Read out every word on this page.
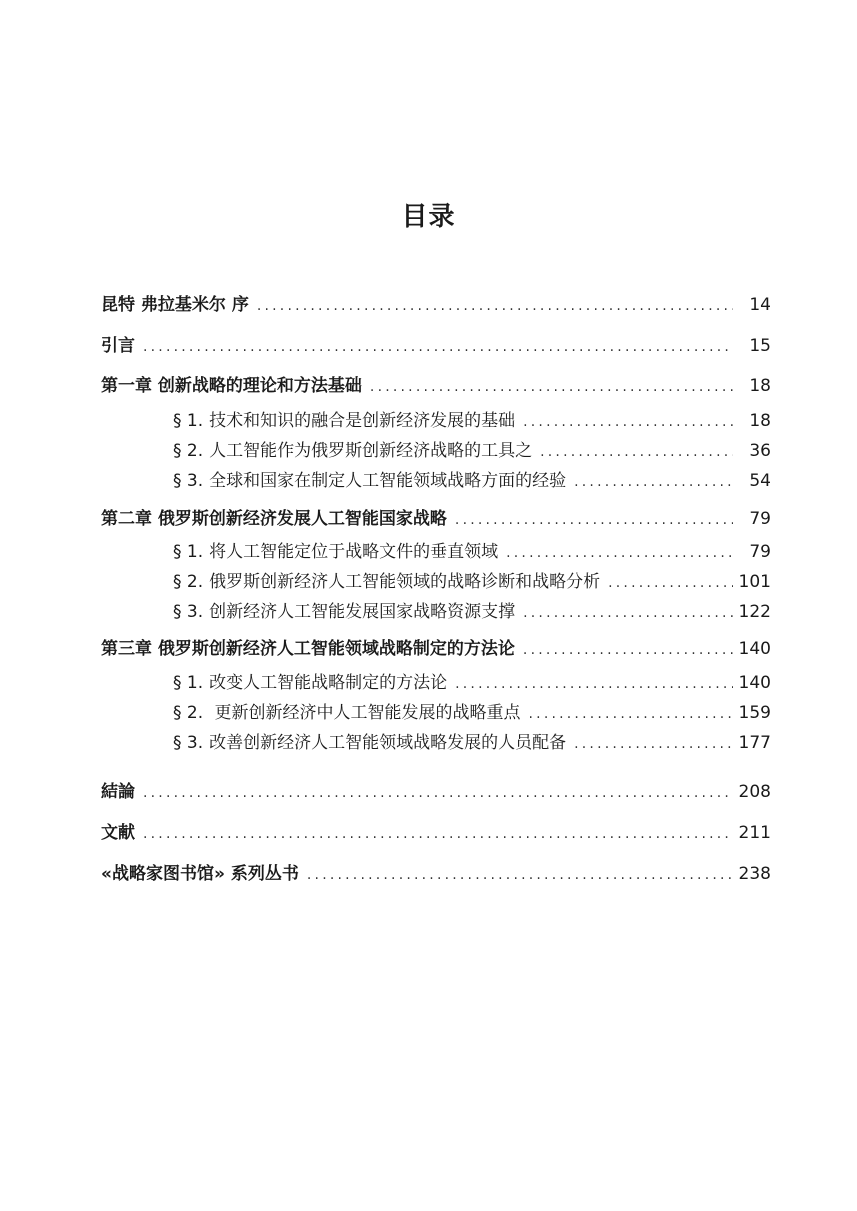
目录
昆特 弗拉基米尔 序 .....	14
引言 .....	15
第一章 创新战略的理论和方法基础 .....	18
§ 1. 技术和知识的融合是创新经济发展的基础 .....	18
§ 2. 人工智能作为俄罗斯创新经济战略的工具之 .....	36
§ 3. 全球和国家在制定人工智能领域战略方面的经验 .....	54
第二章 俄罗斯创新经济发展人工智能国家战略 .....	79
§ 1. 将人工智能定位于战略文件的垂直领域 .....	79
§ 2. 俄罗斯创新经济人工智能领域的战略诊断和战略分析 .....	101
§ 3. 创新经济人工智能发展国家战略资源支撑 .....	122
第三章 俄罗斯创新经济人工智能领域战略制定的方法论 .....	140
§ 1. 改变人工智能战略制定的方法论 .....	140
§ 2. 更新创新经济中人工智能发展的战略重点 .....	159
§ 3. 改善创新经济人工智能领域战略发展的人员配备 .....	177
結論 .....	208
文献 .....	211
«战略家图书馆» 系列丛书 .....	238
